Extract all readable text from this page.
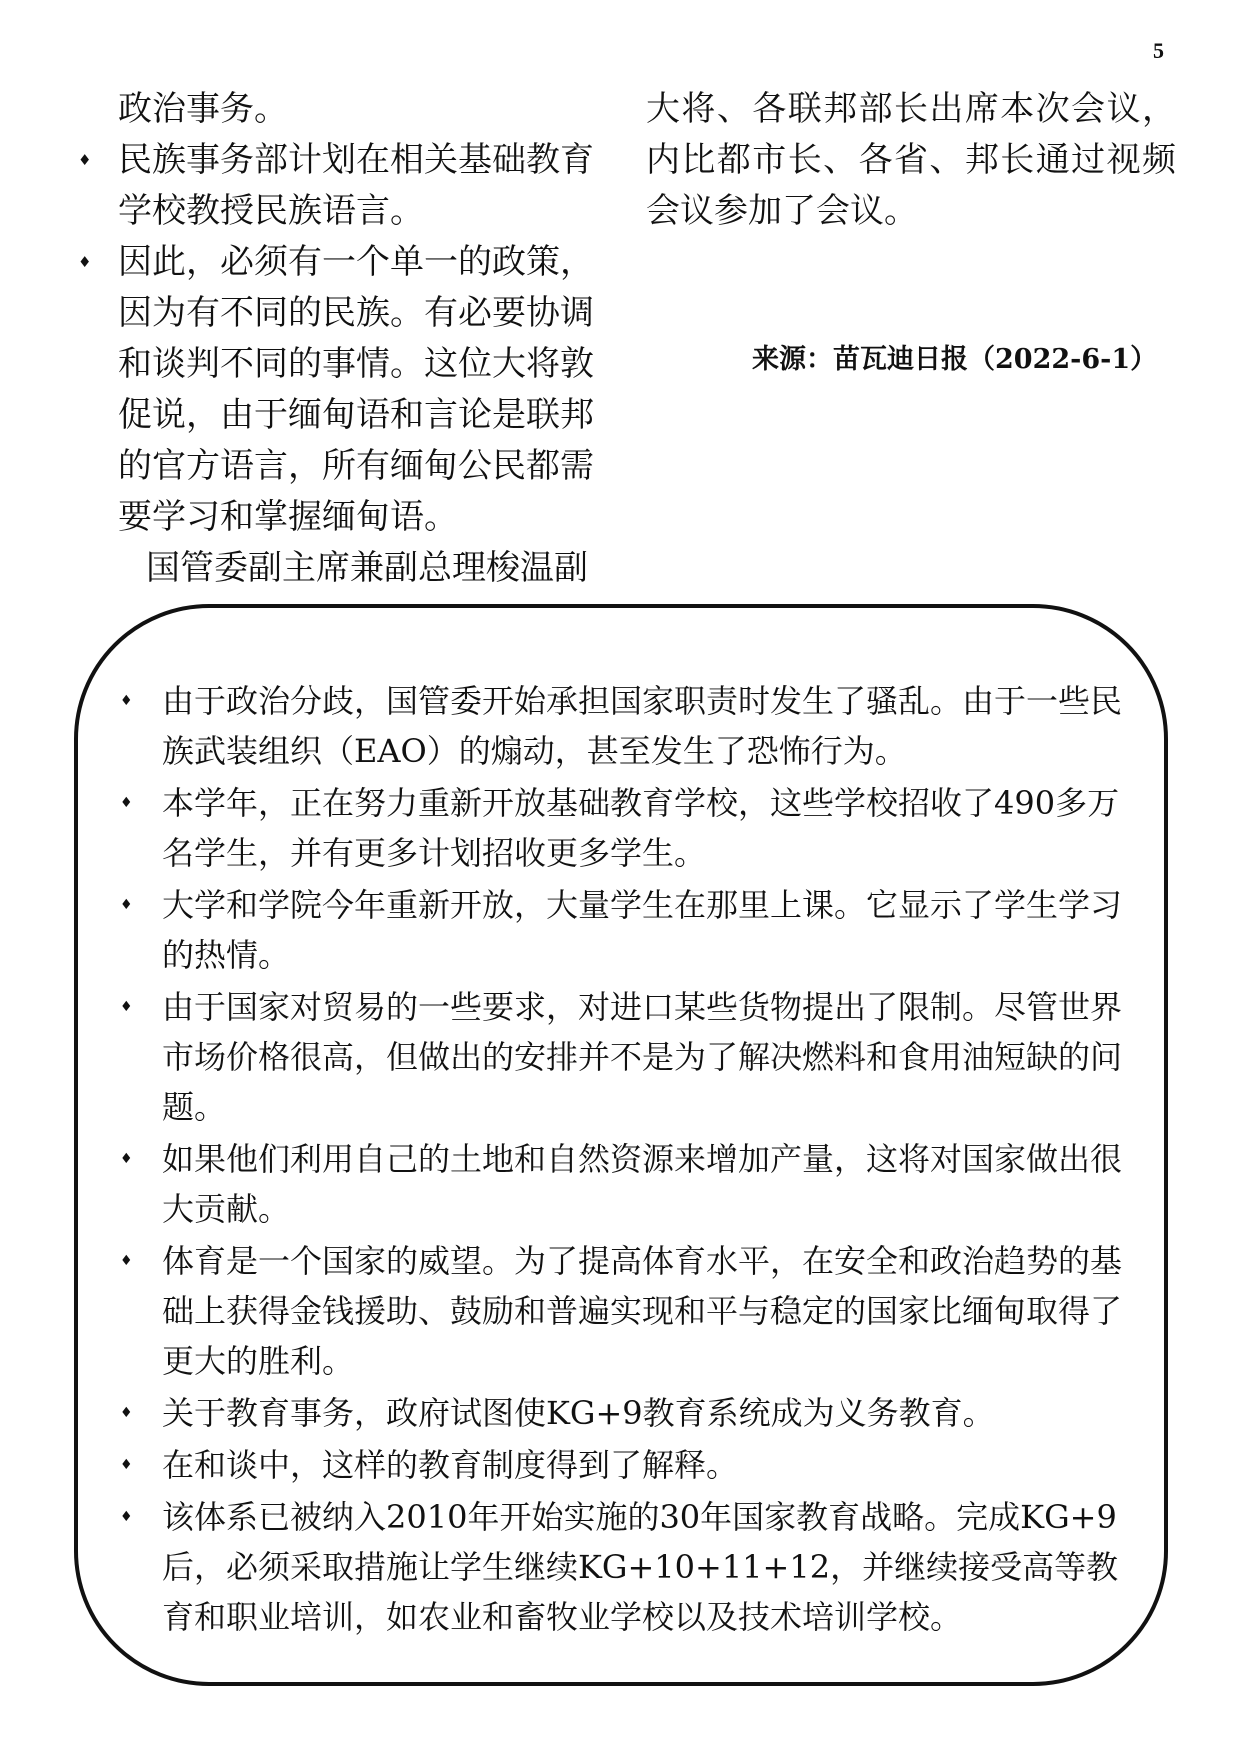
5

政治事务。

♦ 民族事务部计划在相关基础教育学校教授民族语言。
♦ 因此，必须有一个单一的政策，因为有不同的民族。有必要协调和谈判不同的事情。这位大将敦促说，由于缅甸语和言论是联邦的官方语言，所有缅甸公民都需要学习和掌握缅甸语。

国管委副主席兼副总理梭温副

大将、各联邦部长出席本次会议，内比都市长、各省、邦长通过视频会议参加了会议。

来源：苗瓦迪日报（2022-6-1）
♦ 由于政治分歧，国管委开始承担国家职责时发生了骚乱。由于一些民族武装组织（EAO）的煽动，甚至发生了恐怖行为。
♦ 本学年，正在努力重新开放基础教育学校，这些学校招收了490多万名学生，并有更多计划招收更多学生。
♦ 大学和学院今年重新开放，大量学生在那里上课。它显示了学生学习的热情。
♦ 由于国家对贸易的一些要求，对进口某些货物提出了限制。尽管世界市场价格很高，但做出的安排并不是为了解决燃料和食用油短缺的问题。
♦ 如果他们利用自己的土地和自然资源来增加产量，这将对国家做出很大贡献。
♦ 体育是一个国家的威望。为了提高体育水平，在安全和政治趋势的基础上获得金钱援助、鼓励和普遍实现和平与稳定的国家比缅甸取得了更大的胜利。
♦ 关于教育事务，政府试图使KG+9教育系统成为义务教育。
♦ 在和谈中，这样的教育制度得到了解释。
♦ 该体系已被纳入2010年开始实施的30年国家教育战略。完成KG+9后，必须采取措施让学生继续KG+10+11+12，并继续接受高等教育和职业培训，如农业和畜牧业学校以及技术培训学校。
